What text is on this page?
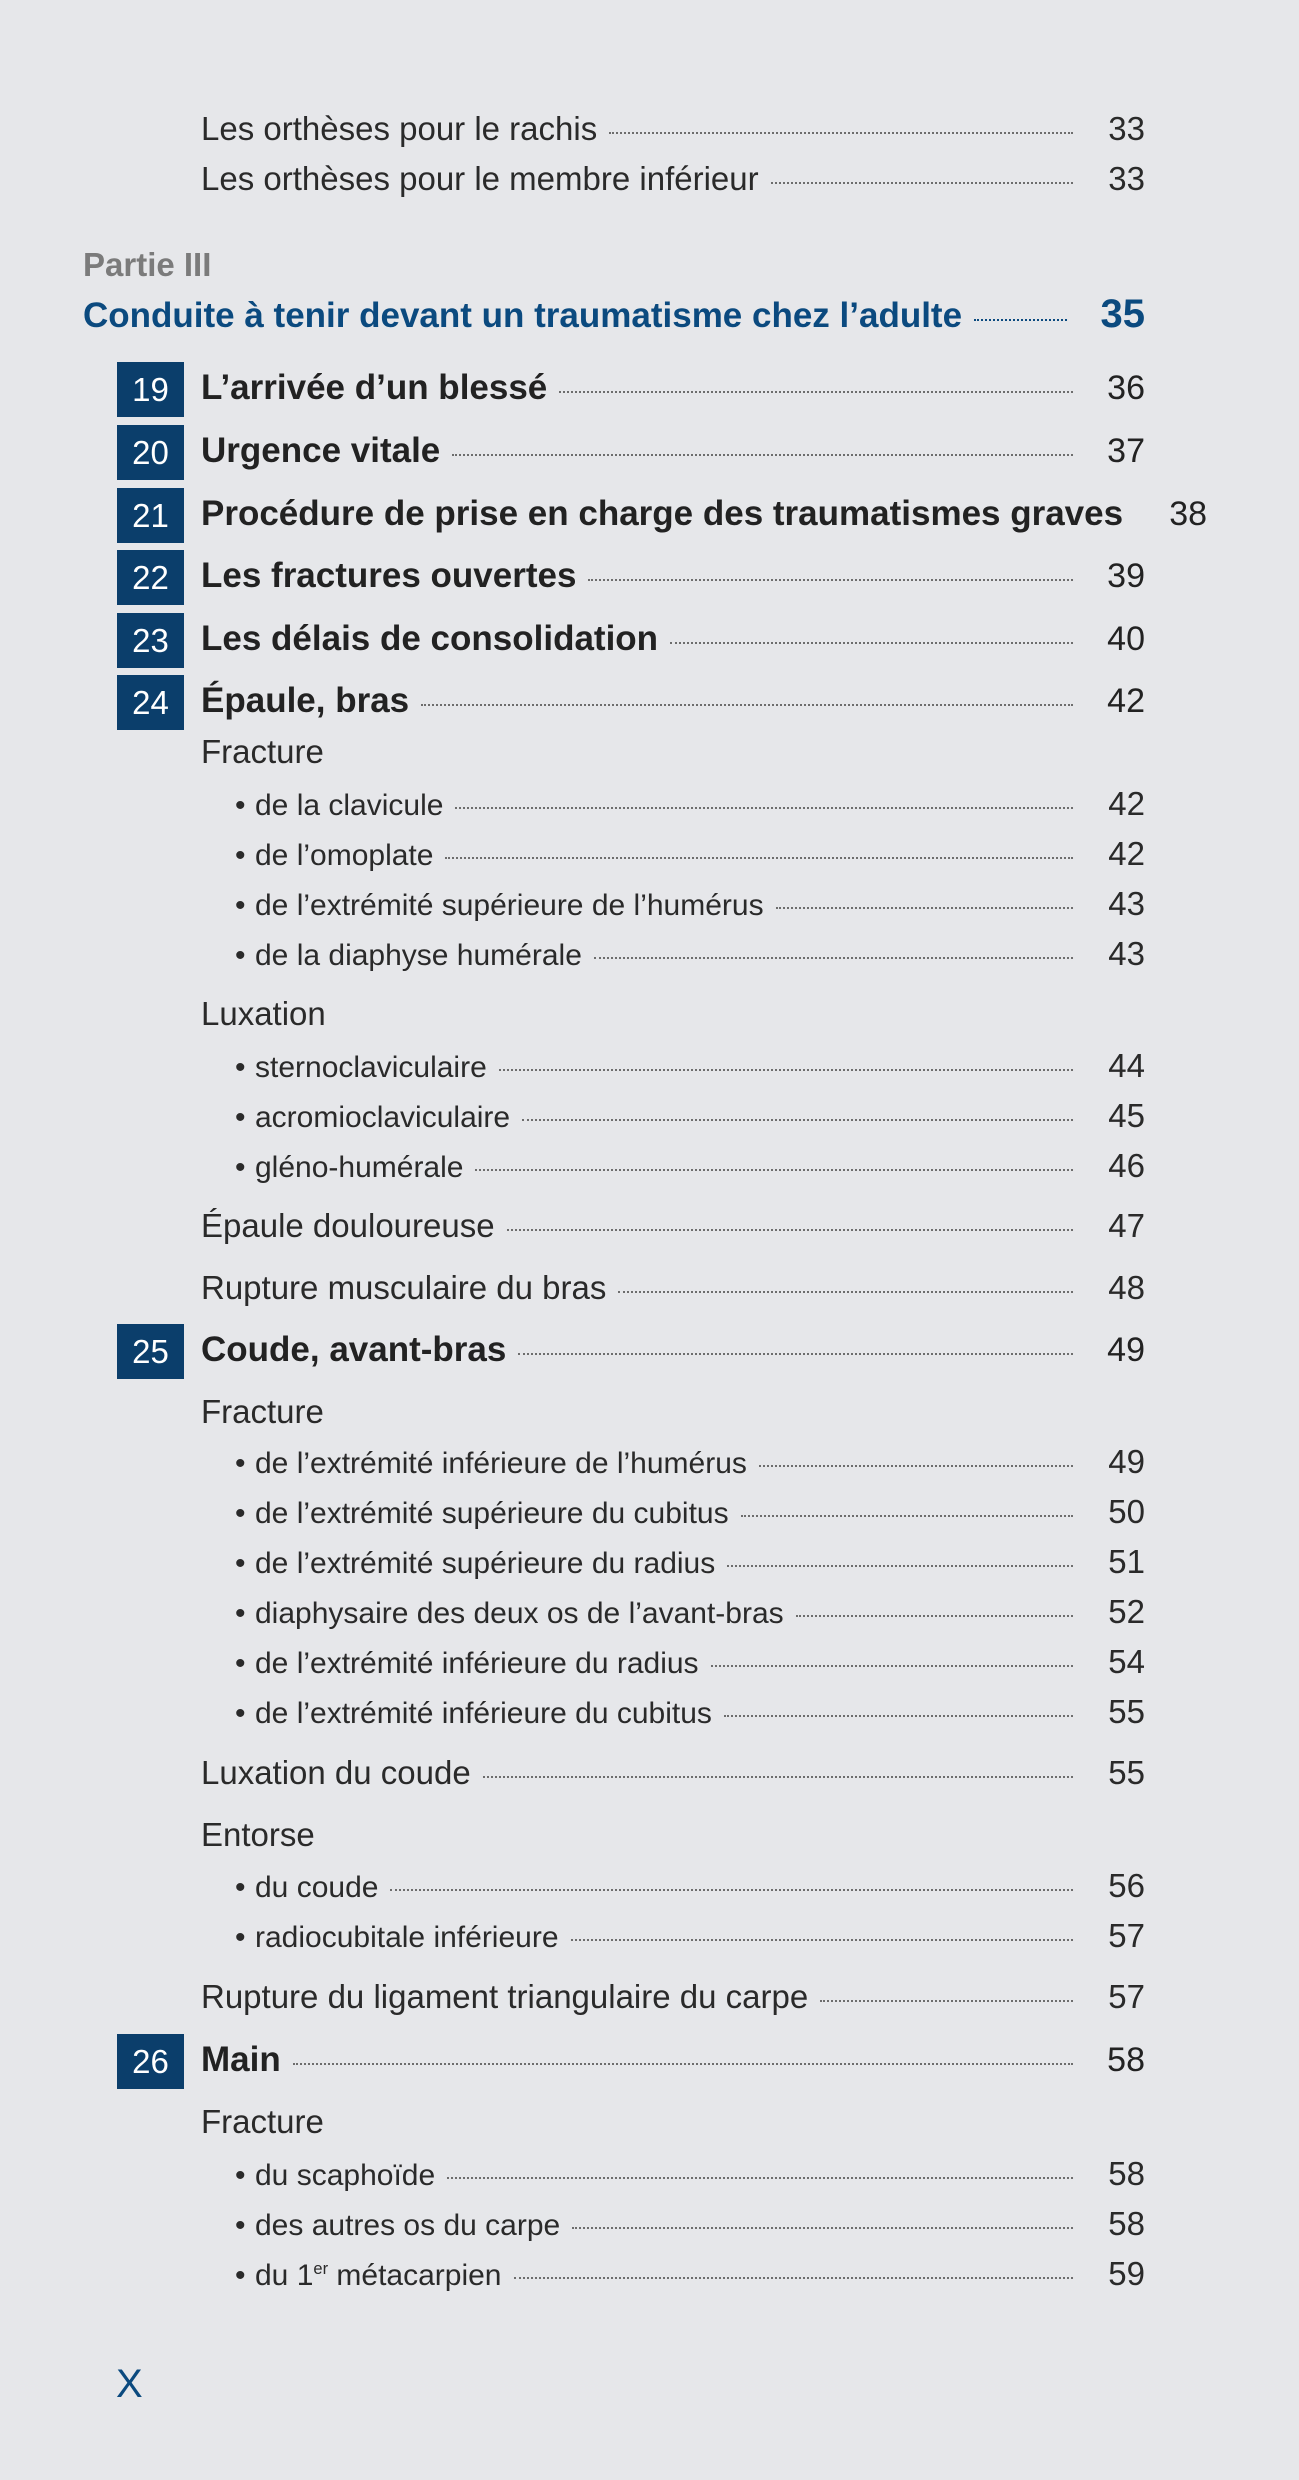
Les orthèses pour le rachis	33
Les orthèses pour le membre inférieur	33
Partie III
Conduite à tenir devant un traumatisme chez l’adulte	35
19 L’arrivée d’un blessé	36
20 Urgence vitale	37
21 Procédure de prise en charge des traumatismes graves	38
22 Les fractures ouvertes	39
23 Les délais de consolidation	40
24 Épaule, bras	42
Fracture
• de la clavicule	42
• de l’omoplate	42
• de l’extrémité supérieure de l’humérus	43
• de la diaphyse humérale	43
Luxation
• sternoclaviculaire	44
• acromioclaviculaire	45
• gléno-humérale	46
Épaule douloureuse	47
Rupture musculaire du bras	48
25 Coude, avant-bras	49
Fracture
• de l’extrémité inférieure de l’humérus	49
• de l’extrémité supérieure du cubitus	50
• de l’extrémité supérieure du radius	51
• diaphysaire des deux os de l’avant-bras	52
• de l’extrémité inférieure du radius	54
• de l’extrémité inférieure du cubitus	55
Luxation du coude	55
Entorse
• du coude	56
• radiocubitale inférieure	57
Rupture du ligament triangulaire du carpe	57
26 Main	58
Fracture
• du scaphoïde	58
• des autres os du carpe	58
• du 1er métacarpien	59
X
